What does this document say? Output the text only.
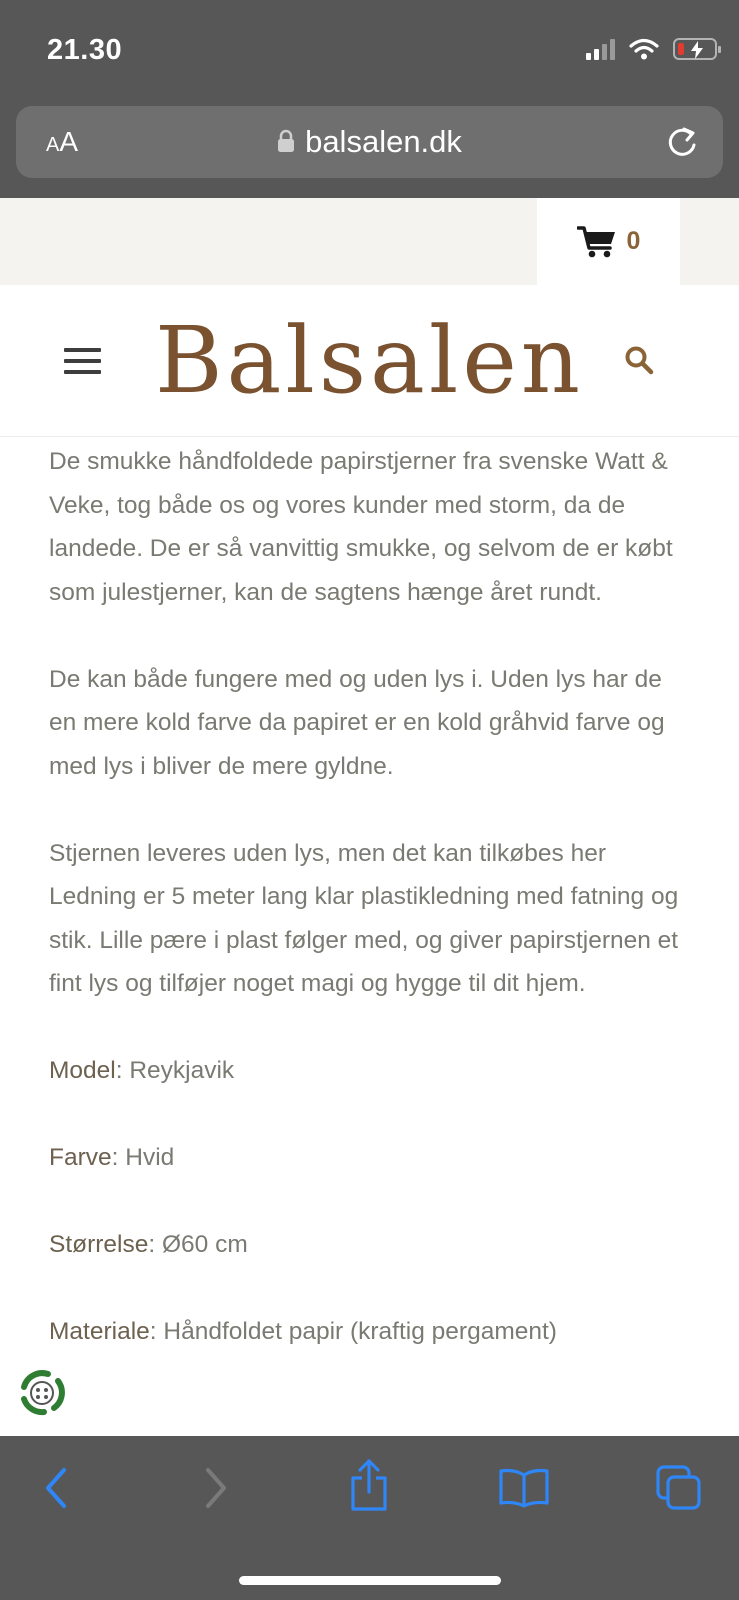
21.30
AA	balsalen.dk
0
Balsalen

De smukke håndfoldede papirstjerner fra svenske Watt & Veke, tog både os og vores kunder med storm, da de landede. De er så vanvittig smukke, og selvom de er købt som julestjerner, kan de sagtens hænge året rundt.

De kan både fungere med og uden lys i. Uden lys har de en mere kold farve da papiret er en kold gråhvid farve og med lys i bliver de mere gyldne.

Stjernen leveres uden lys, men det kan tilkøbes her Ledning er 5 meter lang klar plastikledning med fatning og stik. Lille pære i plast følger med, og giver papirstjernen et fint lys og tilføjer noget magi og hygge til dit hjem.

Model: Reykjavik

Farve: Hvid

Størrelse: Ø60 cm

Materiale: Håndfoldet papir (kraftig pergament)
